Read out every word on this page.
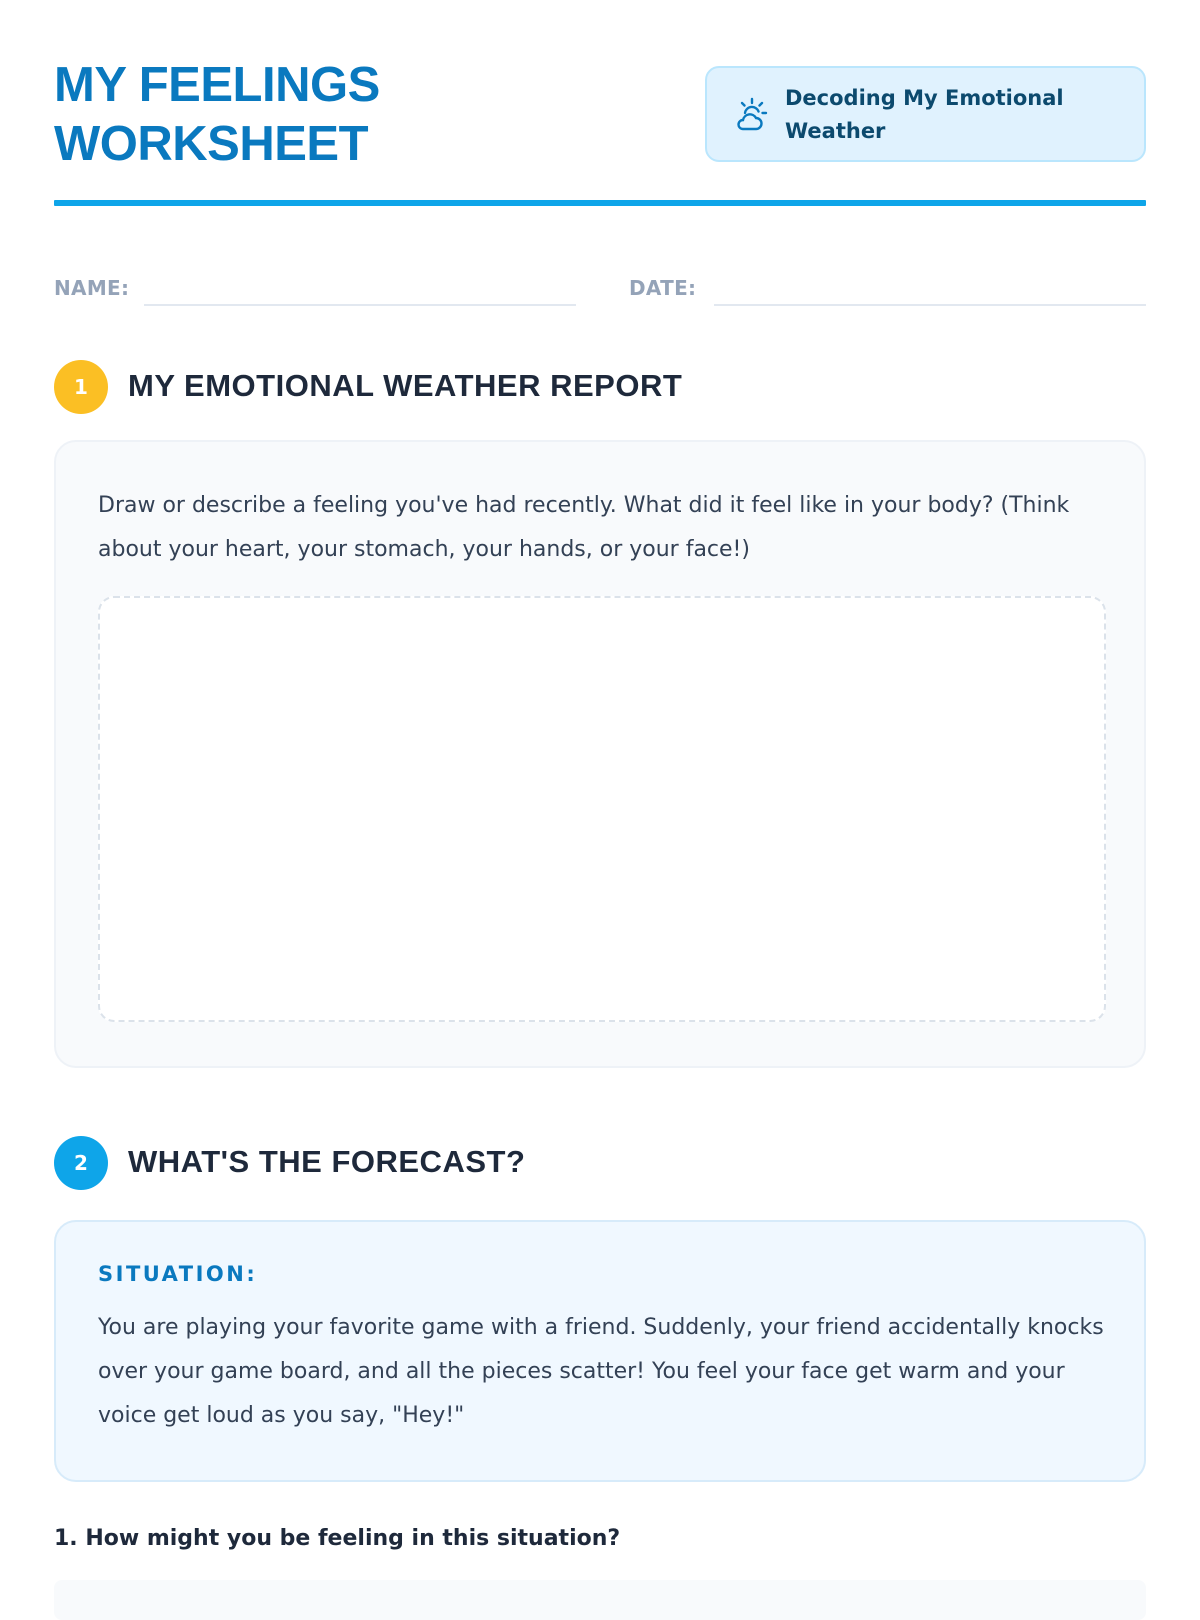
MY FEELINGS
WORKSHEET
Decoding My Emotional Weather
NAME:	DATE:
1	MY EMOTIONAL WEATHER REPORT
Draw or describe a feeling you've had recently. What did it feel like in your body? (Think about your heart, your stomach, your hands, or your face!)
2	WHAT'S THE FORECAST?
SITUATION:
You are playing your favorite game with a friend. Suddenly, your friend accidentally knocks over your game board, and all the pieces scatter! You feel your face get warm and your voice get loud as you say, "Hey!"
1. How might you be feeling in this situation?
